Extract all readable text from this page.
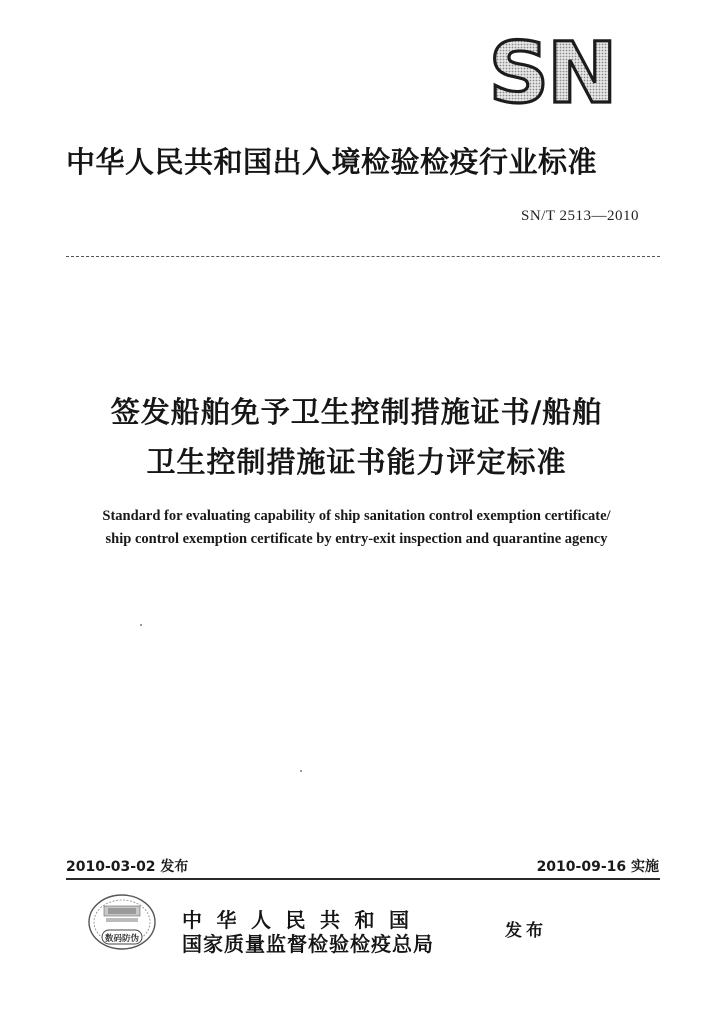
SN
中华人民共和国出入境检验检疫行业标准
SN/T 2513—2010
签发船舶免予卫生控制措施证书/船舶
卫生控制措施证书能力评定标准
Standard for evaluating capability of ship sanitation control exemption certificate/
ship control exemption certificate by entry-exit inspection and quarantine agency
2010-03-02 发布	2010-09-16 实施
数码防伪
中华人民共和国
国家质量监督检验检疫总局
发布
